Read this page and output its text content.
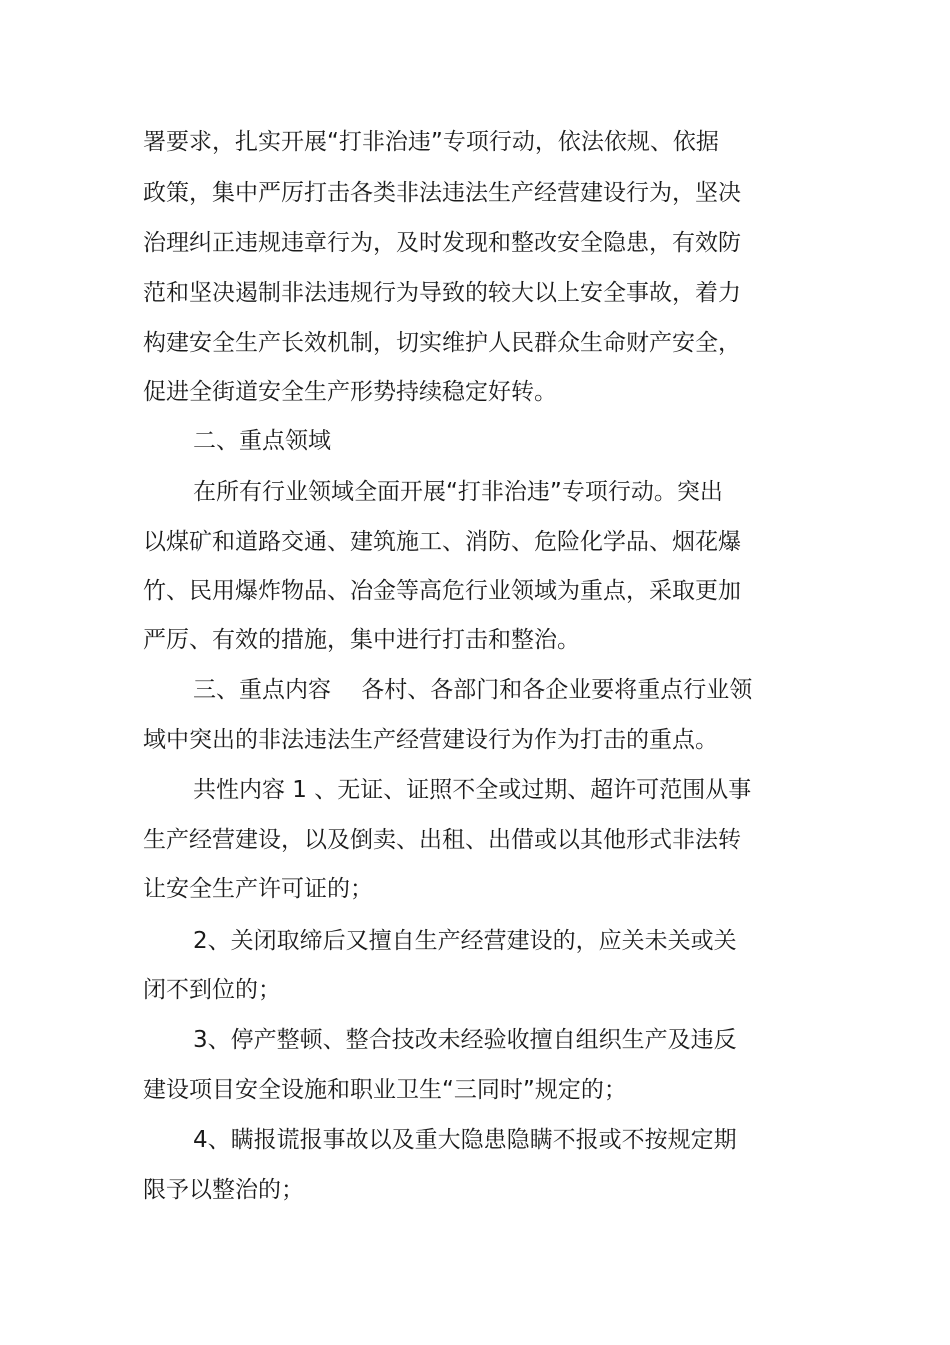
署要求，扎实开展“打非治违”专项行动，依法依规、依据
政策，集中严厉打击各类非法违法生产经营建设行为，坚决
治理纠正违规违章行为，及时发现和整改安全隐患，有效防
范和坚决遏制非法违规行为导致的较大以上安全事故，着力
构建安全生产长效机制，切实维护人民群众生命财产安全，
促进全街道安全生产形势持续稳定好转。
二、重点领域
在所有行业领域全面开展“打非治违”专项行动。突出
以煤矿和道路交通、建筑施工、消防、危险化学品、烟花爆
竹、民用爆炸物品、冶金等高危行业领域为重点，采取更加
严厉、有效的措施，集中进行打击和整治。
三、重点内容　 各村、各部门和各企业要将重点行业领
域中突出的非法违法生产经营建设行为作为打击的重点。
共性内容 1 、无证、证照不全或过期、超许可范围从事
生产经营建设，以及倒卖、出租、出借或以其他形式非法转
让安全生产许可证的；
2、关闭取缔后又擅自生产经营建设的，应关未关或关
闭不到位的；
3、停产整顿、整合技改未经验收擅自组织生产及违反
建设项目安全设施和职业卫生“三同时”规定的；
4、瞒报谎报事故以及重大隐患隐瞒不报或不按规定期
限予以整治的；
